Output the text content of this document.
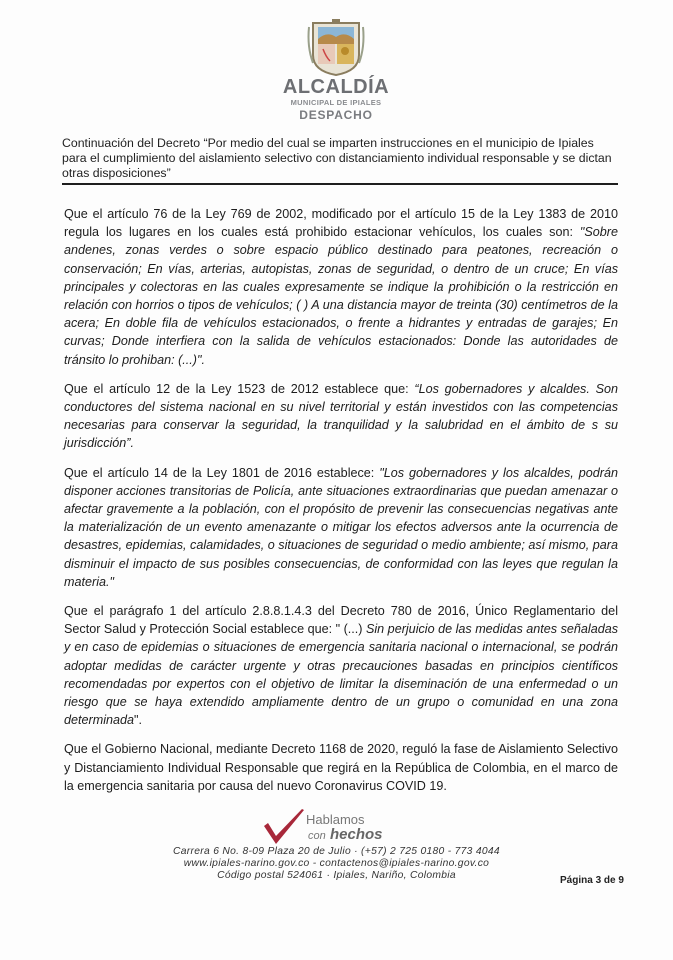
ALCALDÍA
MUNICIPAL DE IPIALES
DESPACHO
Continuación del Decreto “Por medio del cual se imparten instrucciones en el municipio de Ipiales para el cumplimiento del aislamiento selectivo con distanciamiento individual responsable y se dictan otras disposiciones”

Que el artículo 76 de la Ley 769 de 2002, modificado por el artículo 15 de la Ley 1383 de 2010 regula los lugares en los cuales está prohibido estacionar vehículos, los cuales son: "Sobre andenes, zonas verdes o sobre espacio público destinado para peatones, recreación o conservación; En vías, arterias, autopistas, zonas de seguridad, o dentro de un cruce; En vías principales y colectoras en las cuales expresamente se indique la prohibición o la restricción en relación con horrios o tipos de vehículos; ( ) A una distancia mayor de treinta (30) centímetros de la acera; En doble fila de vehículos estacionados, o frente a hidrantes y entradas de garajes; En curvas; Donde interfiera con la salida de vehículos estacionados: Donde las autoridades de tránsito lo prohiban: (...)".

Que el artículo 12 de la Ley 1523 de 2012 establece que: “Los gobernadores y alcaldes. Son conductores del sistema nacional en su nivel territorial y están investidos con las competencias necesarias para conservar la seguridad, la tranquilidad y la salubridad en el ámbito de s su jurisdicción”.

Que el artículo 14 de la Ley 1801 de 2016 establece: "Los gobernadores y los alcaldes, podrán disponer acciones transitorias de Policía, ante situaciones extraordinarias que puedan amenazar o afectar gravemente a la población, con el propósito de prevenir las consecuencias negativas ante la materialización de un evento amenazante o mitigar los efectos adversos ante la ocurrencia de desastres, epidemias, calamidades, o situaciones de seguridad o medio ambiente; así mismo, para disminuir el impacto de sus posibles consecuencias, de conformidad con las leyes que regulan la materia."

Que el parágrafo 1 del artículo 2.8.8.1.4.3 del Decreto 780 de 2016, Único Reglamentario del Sector Salud y Protección Social establece que: " (...) Sin perjuicio de las medidas antes señaladas y en caso de epidemias o situaciones de emergencia sanitaria nacional o internacional, se podrán adoptar medidas de carácter urgente y otras precauciones basadas en principios científicos recomendadas por expertos con el objetivo de limitar la diseminación de una enfermedad o un riesgo que se haya extendido ampliamente dentro de un grupo o comunidad en una zona determinada".

Que el Gobierno Nacional, mediante Decreto 1168 de 2020, reguló la fase de Aislamiento Selectivo y Distanciamiento Individual Responsable que regirá en la República de Colombia, en el marco de la emergencia sanitaria por causa del nuevo Coronavirus COVID 19.

Hablamos
con hechos
Carrera 6 No. 8-09 Plaza 20 de Julio · (+57) 2 725 0180 - 773 4044
www.ipiales-narino.gov.co - contactenos@ipiales-narino.gov.co
Código postal 524061 · Ipiales, Nariño, Colombia	Página 3 de 9
